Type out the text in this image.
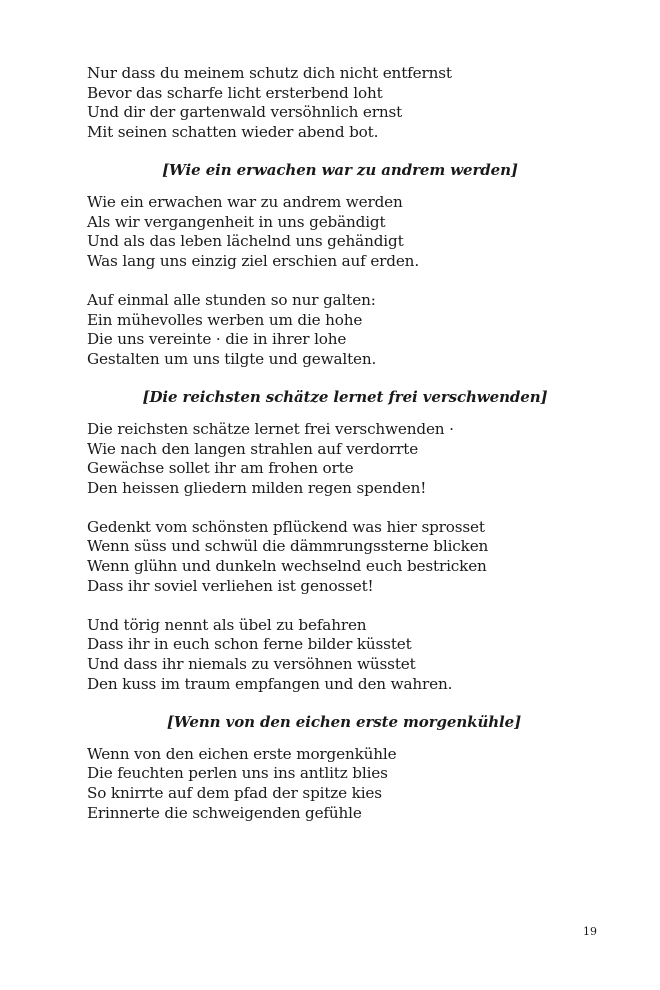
Nur dass du meinem schutz dich nicht entfernst
Bevor das scharfe licht ersterbend loht
Und dir der gartenwald versöhnlich ernst
Mit seinen schatten wieder abend bot.
[Wie ein erwachen war zu andrem werden]
Wie ein erwachen war zu andrem werden
Als wir vergangenheit in uns gebändigt
Und als das leben lächelnd uns gehändigt
Was lang uns einzig ziel erschien auf erden.
Auf einmal alle stunden so nur galten:
Ein mühevolles werben um die hohe
Die uns vereinte · die in ihrer lohe
Gestalten um uns tilgte und gewalten.
[Die reichsten schätze lernet frei verschwenden]
Die reichsten schätze lernet frei verschwenden ·
Wie nach den langen strahlen auf verdorrte
Gewächse sollet ihr am frohen orte
Den heissen gliedern milden regen spenden!
Gedenkt vom schönsten pflückend was hier sprosset
Wenn süss und schwül die dämmrungssterne blicken
Wenn glühn und dunkeln wechselnd euch bestricken
Dass ihr soviel verliehen ist genosset!
Und törig nennt als übel zu befahren
Dass ihr in euch schon ferne bilder küsstet
Und dass ihr niemals zu versöhnen wüsstet
Den kuss im traum empfangen und den wahren.
[Wenn von den eichen erste morgenkühle]
Wenn von den eichen erste morgenkühle
Die feuchten perlen uns ins antlitz blies
So knirrte auf dem pfad der spitze kies
Erinnerte die schweigenden gefühle
19
